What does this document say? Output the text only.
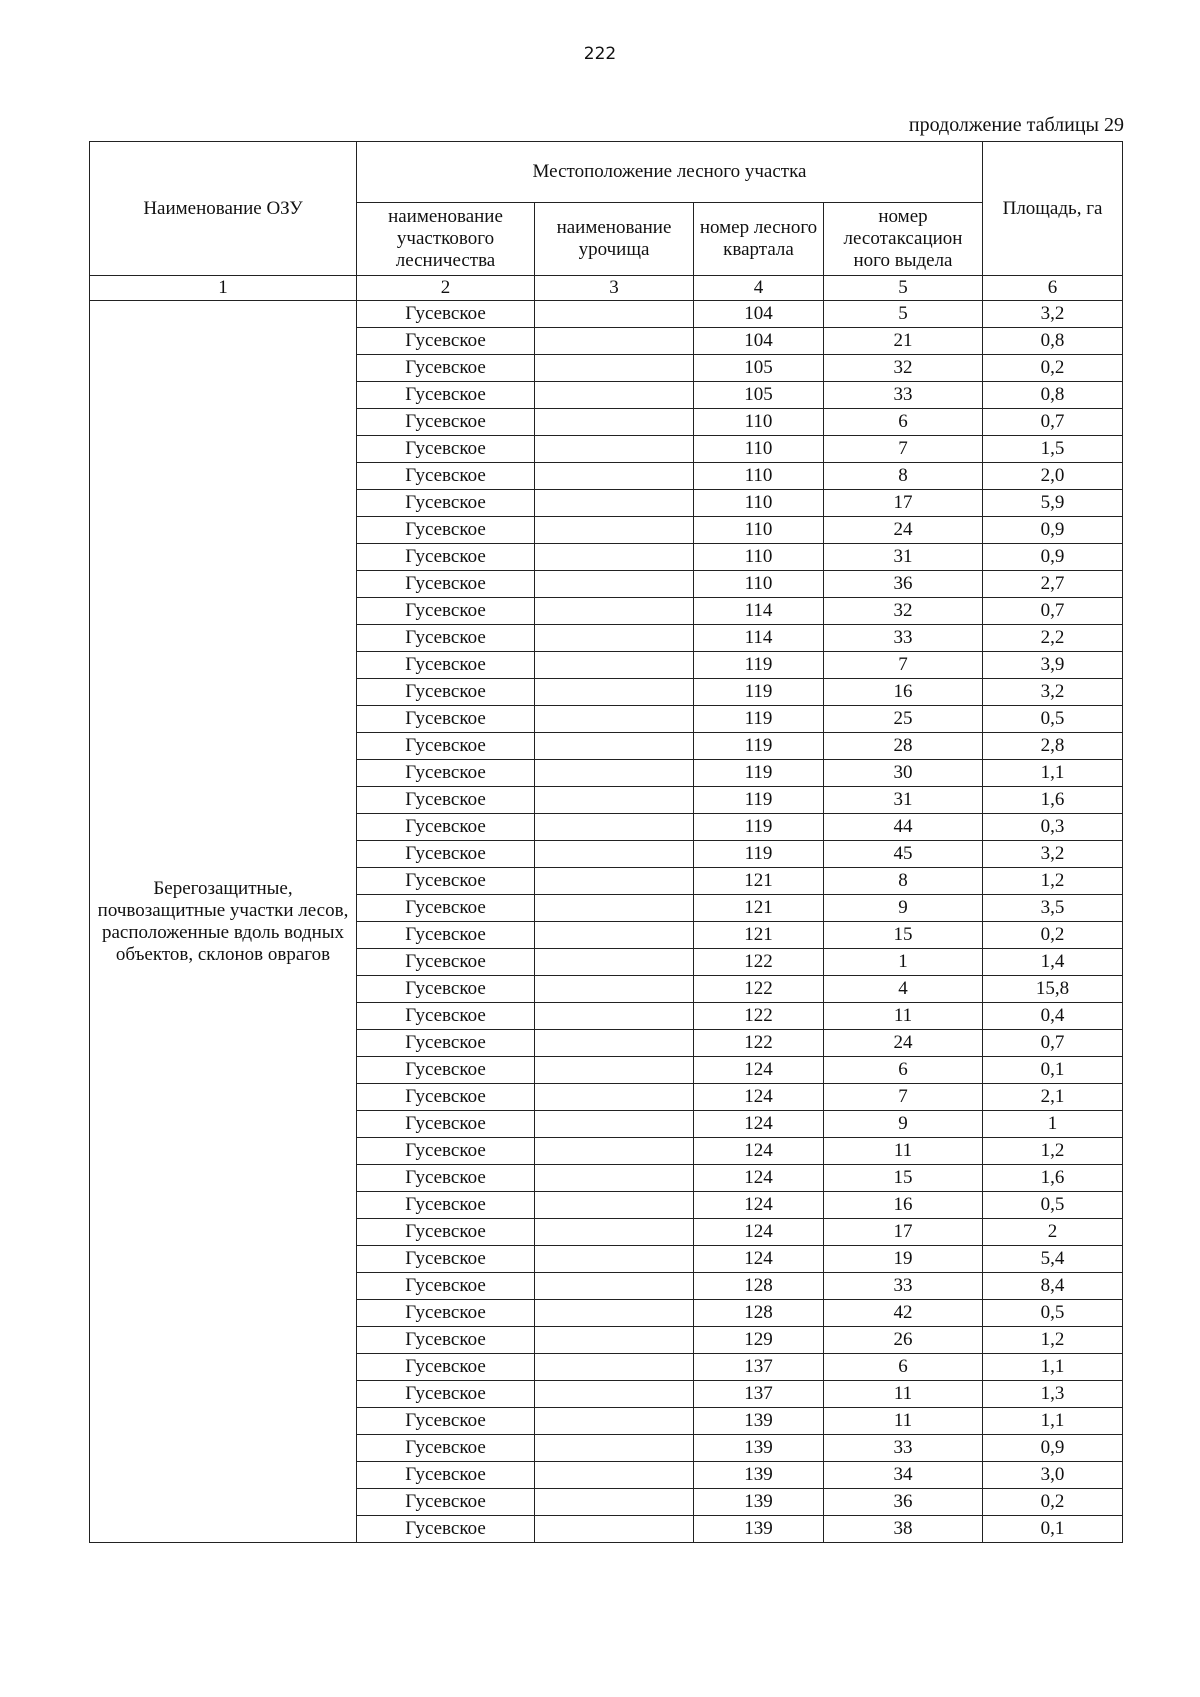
222
продолжение таблицы 29
Наименование ОЗУ	Местоположение лесного участка				Площадь, га
	наименование участкового лесничества	наименование урочища	номер лесного квартала	номер лесотаксацион ного выдела	
1	2	3	4	5	6
Берегозащитные, почвозащитные участки лесов, расположенные вдоль водных объектов, склонов оврагов	Гусевское		104	5	3,2
	Гусевское		104	21	0,8
	Гусевское		105	32	0,2
	Гусевское		105	33	0,8
	Гусевское		110	6	0,7
	Гусевское		110	7	1,5
	Гусевское		110	8	2,0
	Гусевское		110	17	5,9
	Гусевское		110	24	0,9
	Гусевское		110	31	0,9
	Гусевское		110	36	2,7
	Гусевское		114	32	0,7
	Гусевское		114	33	2,2
	Гусевское		119	7	3,9
	Гусевское		119	16	3,2
	Гусевское		119	25	0,5
	Гусевское		119	28	2,8
	Гусевское		119	30	1,1
	Гусевское		119	31	1,6
	Гусевское		119	44	0,3
	Гусевское		119	45	3,2
	Гусевское		121	8	1,2
	Гусевское		121	9	3,5
	Гусевское		121	15	0,2
	Гусевское		122	1	1,4
	Гусевское		122	4	15,8
	Гусевское		122	11	0,4
	Гусевское		122	24	0,7
	Гусевское		124	6	0,1
	Гусевское		124	7	2,1
	Гусевское		124	9	1
	Гусевское		124	11	1,2
	Гусевское		124	15	1,6
	Гусевское		124	16	0,5
	Гусевское		124	17	2
	Гусевское		124	19	5,4
	Гусевское		128	33	8,4
	Гусевское		128	42	0,5
	Гусевское		129	26	1,2
	Гусевское		137	6	1,1
	Гусевское		137	11	1,3
	Гусевское		139	11	1,1
	Гусевское		139	33	0,9
	Гусевское		139	34	3,0
	Гусевское		139	36	0,2
	Гусевское		139	38	0,1
